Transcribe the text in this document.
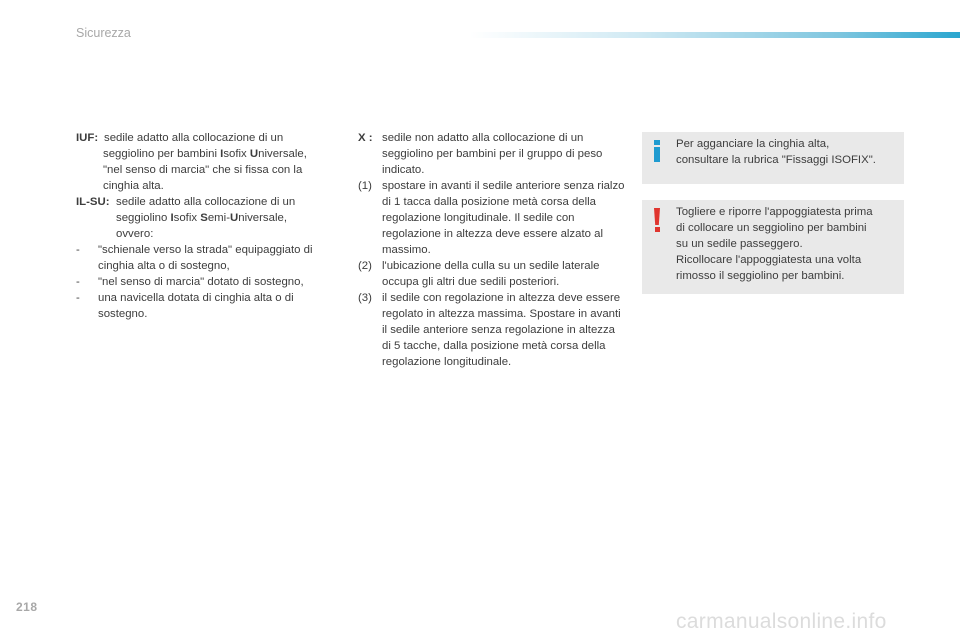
Sicurezza
IUF: sedile adatto alla collocazione di un
seggiolino per bambini Isofix Universale,
"nel senso di marcia" che si fissa con la
cinghia alta.
IL-SU: sedile adatto alla collocazione di un
seggiolino Isofix Semi-Universale,
ovvero:
-	"schienale verso la strada" equipaggiato di
cinghia alta o di sostegno,
-	"nel senso di marcia" dotato di sostegno,
-	una navicella dotata di cinghia alta o di
sostegno.
X : sedile non adatto alla collocazione di un seggiolino per bambini per il gruppo di peso indicato.
(1) spostare in avanti il sedile anteriore senza rialzo di 1 tacca dalla posizione metà corsa della regolazione longitudinale. Il sedile con regolazione in altezza deve essere alzato al massimo.
(2) l'ubicazione della culla su un sedile laterale occupa gli altri due sedili posteriori.
(3) il sedile con regolazione in altezza deve essere regolato in altezza massima. Spostare in avanti il sedile anteriore senza regolazione in altezza di 5 tacche, dalla posizione metà corsa della regolazione longitudinale.
Per agganciare la cinghia alta,
consultare la rubrica "Fissaggi ISOFIX".
Togliere e riporre l'appoggiatesta prima
di collocare un seggiolino per bambini
su un sedile passeggero.
Ricollocare l'appoggiatesta una volta
rimosso il seggiolino per bambini.
218
carmanualsonline.info
